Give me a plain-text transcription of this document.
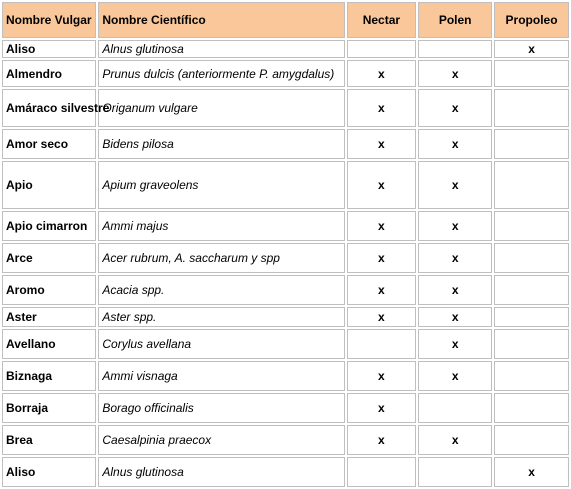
Nombre Vulgar	Nombre Científico	Nectar	Polen	Propoleo
Aliso	Alnus glutinosa			x
Almendro	Prunus dulcis (anteriormente P. amygdalus)	x	x	
Amáraco silvestre	Origanum vulgare	x	x	
Amor seco	Bidens pilosa	x	x	
Apio	Apium graveolens	x	x	
Apio cimarron	Ammi majus	x	x	
Arce	Acer rubrum, A. saccharum y spp	x	x	
Aromo	Acacia spp.	x	x	
Aster	Aster spp.	x	x	
Avellano	Corylus avellana		x	
Biznaga	Ammi visnaga	x	x	
Borraja	Borago officinalis	x		
Brea	Caesalpinia praecox	x	x	
Aliso	Alnus glutinosa			x
